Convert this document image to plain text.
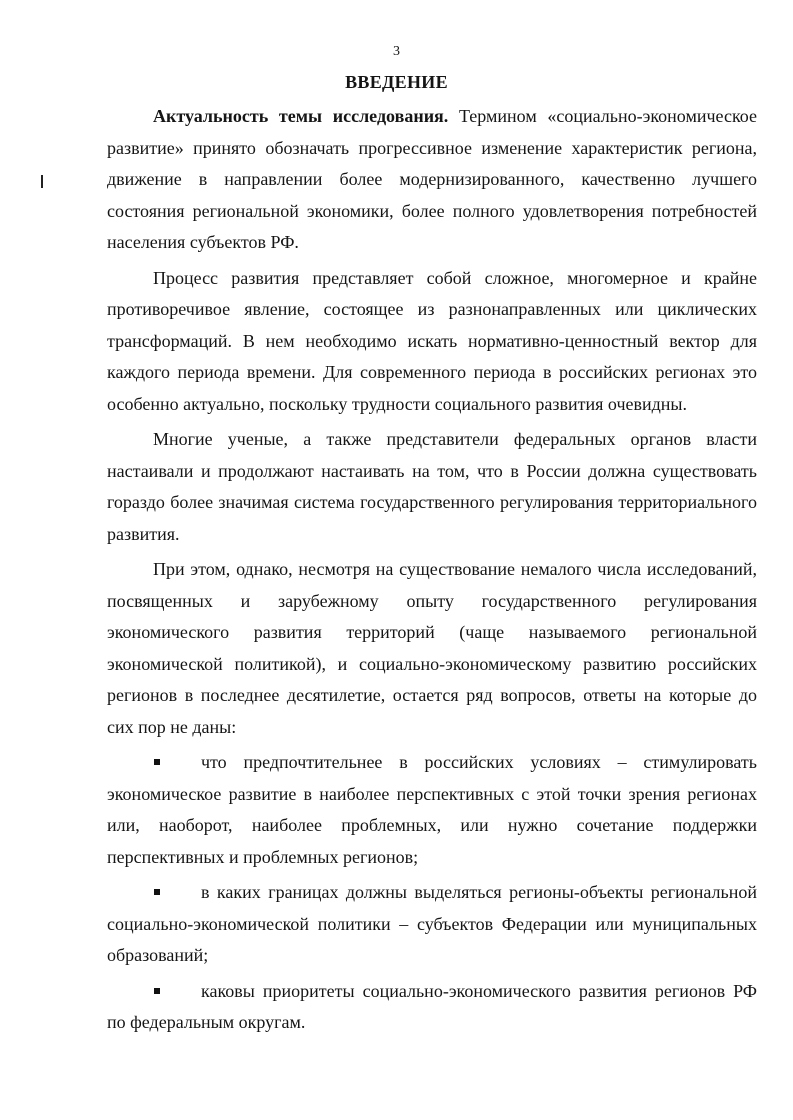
3
ВВЕДЕНИЕ

Актуальность темы исследования. Термином «социально-экономическое развитие» принято обозначать прогрессивное изменение характеристик региона, движение в направлении более модернизированного, качественно лучшего состояния региональной экономики, более полного удовлетворения потребностей населения субъектов РФ.

Процесс развития представляет собой сложное, многомерное и крайне противоречивое явление, состоящее из разнонаправленных или циклических трансформаций. В нем необходимо искать нормативно-ценностный вектор для каждого периода времени. Для современного периода в российских регионах это особенно актуально, поскольку трудности социального развития очевидны.

Многие ученые, а также представители федеральных органов власти настаивали и продолжают настаивать на том, что в России должна существовать гораздо более значимая система государственного регулирования территориального развития.

При этом, однако, несмотря на существование немалого числа исследований, посвященных и зарубежному опыту государственного регулирования экономического развития территорий (чаще называемого региональной экономической политикой), и социально-экономическому развитию российских регионов в последнее десятилетие, остается ряд вопросов, ответы на которые до сих пор не даны:

что предпочтительнее в российских условиях – стимулировать экономическое развитие в наиболее перспективных с этой точки зрения регионах или, наоборот, наиболее проблемных, или нужно сочетание поддержки перспективных и проблемных регионов;

в каких границах должны выделяться регионы-объекты региональной социально-экономической политики – субъектов Федерации или муниципальных образований;

каковы приоритеты социально-экономического развития регионов РФ по федеральным округам.
